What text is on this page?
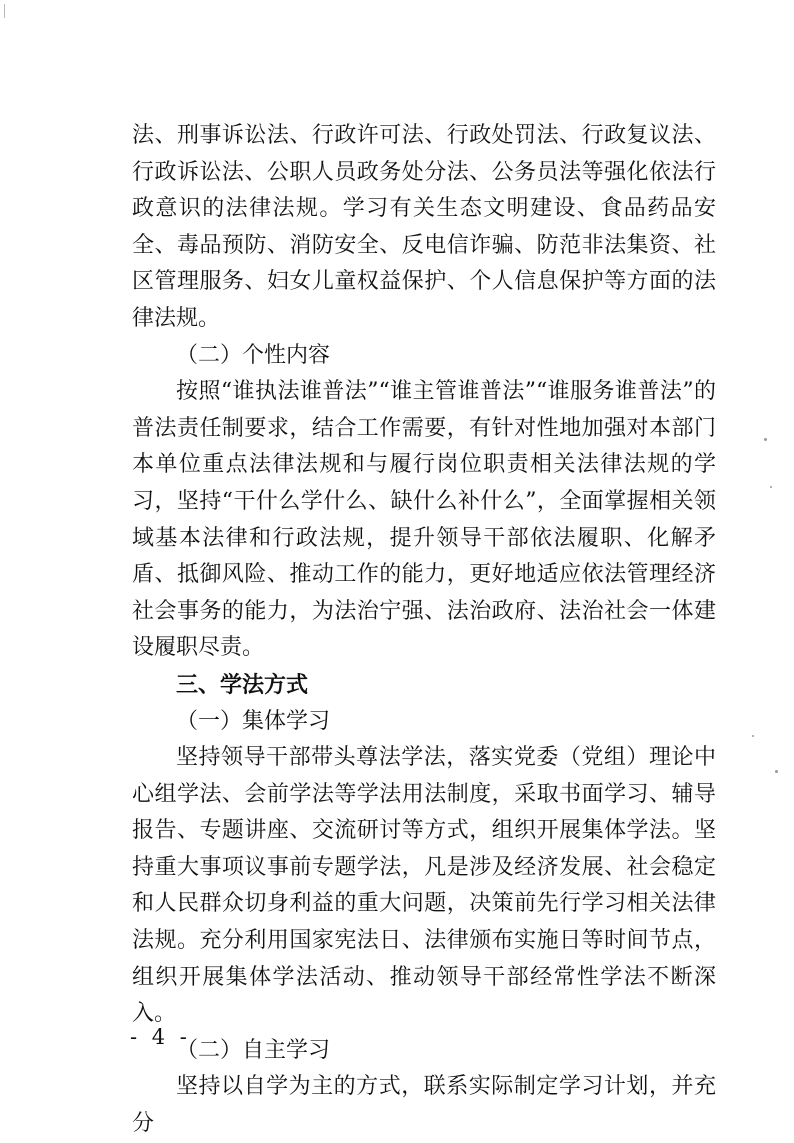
法、刑事诉讼法、行政许可法、行政处罚法、行政复议法、行政诉讼法、公职人员政务处分法、公务员法等强化依法行政意识的法律法规。学习有关生态文明建设、食品药品安全、毒品预防、消防安全、反电信诈骗、防范非法集资、社区管理服务、妇女儿童权益保护、个人信息保护等方面的法律法规。

（二）个性内容

按照“谁执法谁普法”“谁主管谁普法”“谁服务谁普法”的普法责任制要求，结合工作需要，有针对性地加强对本部门本单位重点法律法规和与履行岗位职责相关法律法规的学习，坚持“干什么学什么、缺什么补什么”，全面掌握相关领域基本法律和行政法规，提升领导干部依法履职、化解矛盾、抵御风险、推动工作的能力，更好地适应依法管理经济社会事务的能力，为法治宁强、法治政府、法治社会一体建设履职尽责。

三、学法方式

（一）集体学习

坚持领导干部带头尊法学法，落实党委（党组）理论中心组学法、会前学法等学法用法制度，采取书面学习、辅导报告、专题讲座、交流研讨等方式，组织开展集体学法。坚持重大事项议事前专题学法，凡是涉及经济发展、社会稳定和人民群众切身利益的重大问题，决策前先行学习相关法律法规。充分利用国家宪法日、法律颁布实施日等时间节点，组织开展集体学法活动、推动领导干部经常性学法不断深入。

（二）自主学习

坚持以自学为主的方式，联系实际制定学习计划，并充分

- 4 -
